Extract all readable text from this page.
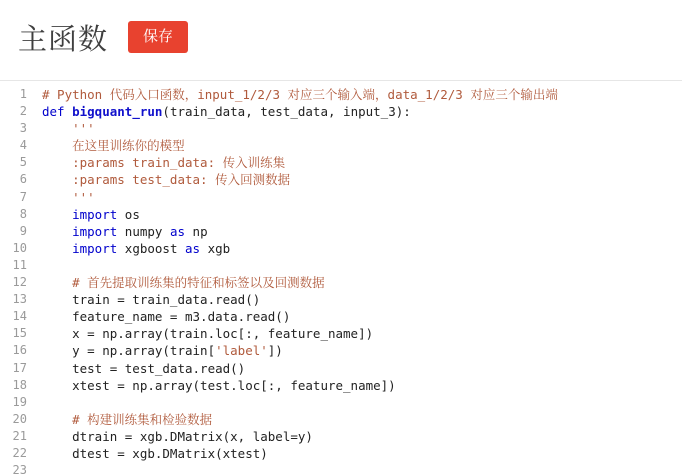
主函数	保存
1
2
3
4
5
6
7
8
9
10
11
12
13
14
15
16
17
18
19
20
21
22
23
# Python 代码入口函数，input_1/2/3 对应三个输入端，data_1/2/3 对应三个输出端
def bigquant_run(train_data, test_data, input_3):
'''
在这里训练你的模型
:params train_data: 传入训练集
:params test_data: 传入回测数据
'''
import os
import numpy as np
import xgboost as xgb

# 首先提取训练集的特征和标签以及回测数据
train = train_data.read()
feature_name = m3.data.read()
x = np.array(train.loc[:, feature_name])
y = np.array(train['label'])
test = test_data.read()
xtest = np.array(test.loc[:, feature_name])

# 构建训练集和检验数据
dtrain = xgb.DMatrix(x, label=y)
dtest = xgb.DMatrix(xtest)
